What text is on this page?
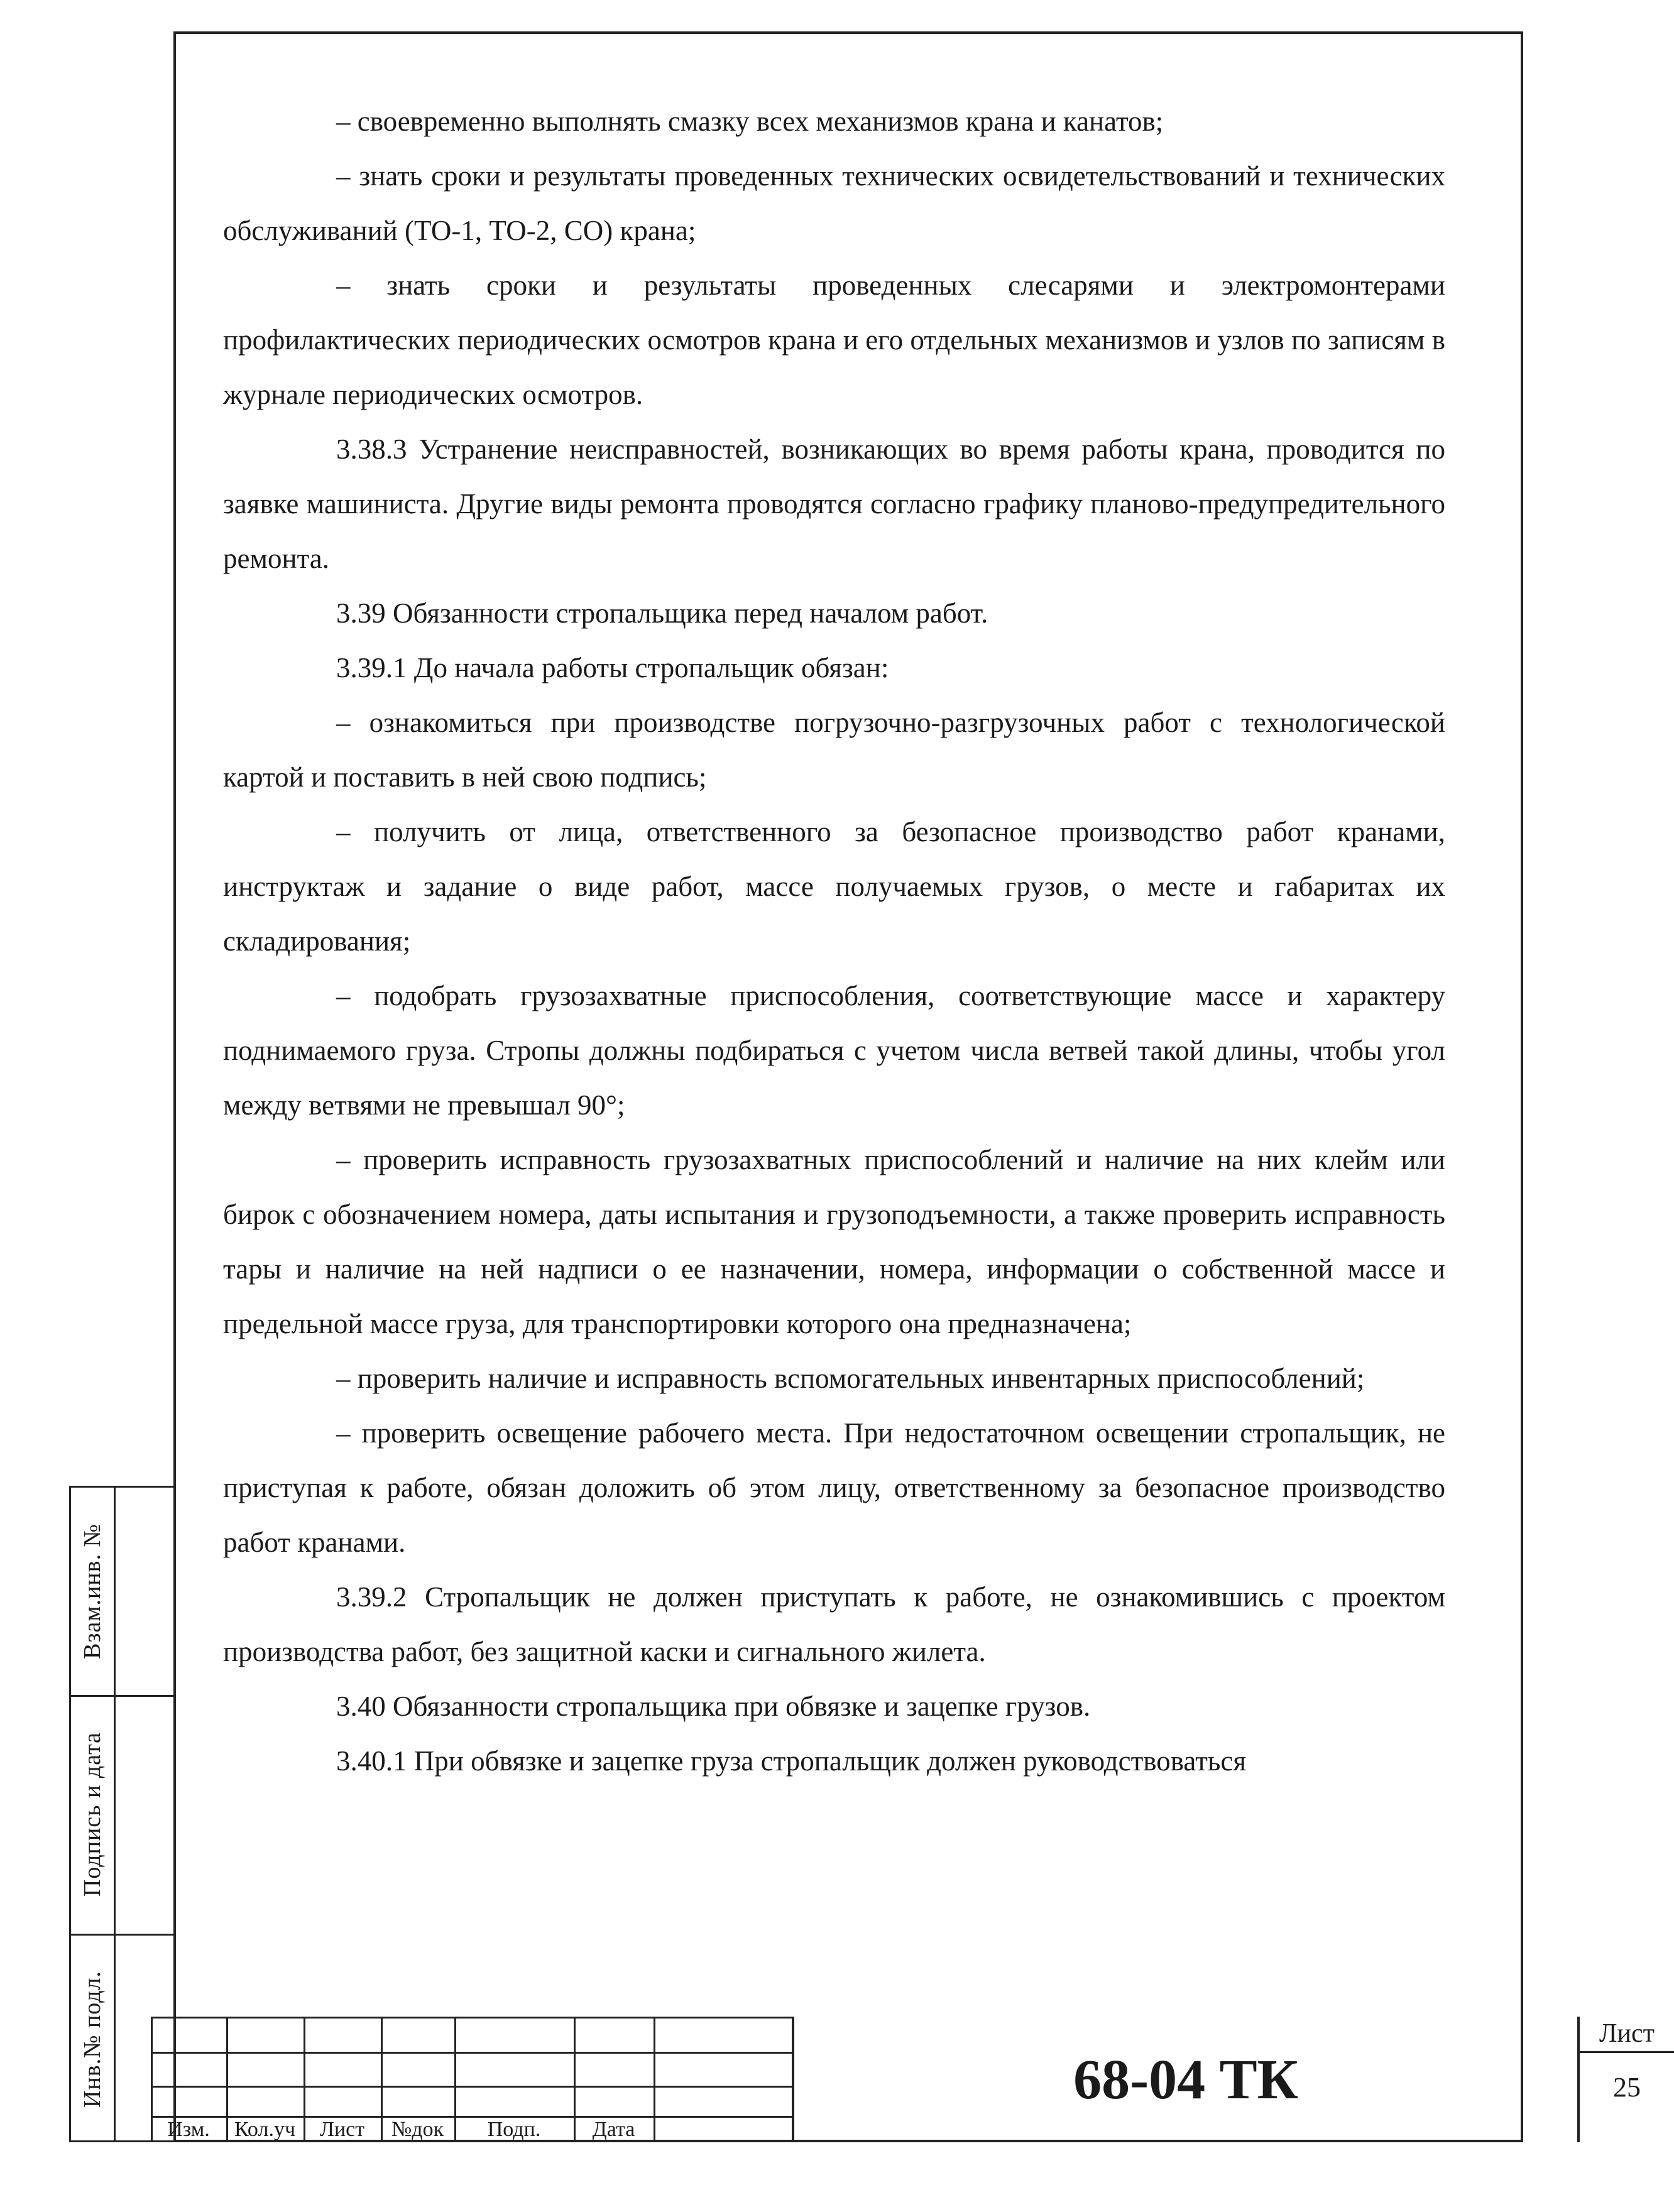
– своевременно выполнять смазку всех механизмов крана и канатов;

– знать сроки и результаты проведенных технических освидетельствований и технических обслуживаний (ТО-1, ТО-2, СО) крана;

– знать сроки и результаты проведенных слесарями и электромонтерами профилактических периодических осмотров крана и его отдельных механизмов и узлов по записям в журнале периодических осмотров.

3.38.3 Устранение неисправностей, возникающих во время работы крана, проводится по заявке машиниста. Другие виды ремонта проводятся согласно графику планово-предупредительного ремонта.

3.39 Обязанности стропальщика перед началом работ.

3.39.1 До начала работы стропальщик обязан:

– ознакомиться при производстве погрузочно-разгрузочных работ с технологической картой и поставить в ней свою подпись;

– получить от лица, ответственного за безопасное производство работ кранами, инструктаж и задание о виде работ, массе получаемых грузов, о месте и габаритах их складирования;

– подобрать грузозахватные приспособления, соответствующие массе и характеру поднимаемого груза. Стропы должны подбираться с учетом числа ветвей такой длины, чтобы угол между ветвями не превышал 90°;

– проверить исправность грузозахватных приспособлений и наличие на них клейм или бирок с обозначением номера, даты испытания и грузоподъемности, а также проверить исправность тары и наличие на ней надписи о ее назначении, номера, информации о собственной массе и предельной массе груза, для транспортировки которого она предназначена;

– проверить наличие и исправность вспомогательных инвентарных приспособлений;

– проверить освещение рабочего места. При недостаточном освещении стропальщик, не приступая к работе, обязан доложить об этом лицу, ответственному за безопасное производство работ кранами.

3.39.2 Стропальщик не должен приступать к работе, не ознакомившись с проектом производства работ, без защитной каски и сигнального жилета.

3.40 Обязанности стропальщика при обвязке и зацепке грузов.

3.40.1 При обвязке и зацепке груза стропальщик должен руководствоваться

Взам.инв. №
Подпись и дата
Инв.№ подл.
Изм.	Кол.уч	Лист	№док	Подп.	Дата
68-04 ТК
Лист
25
